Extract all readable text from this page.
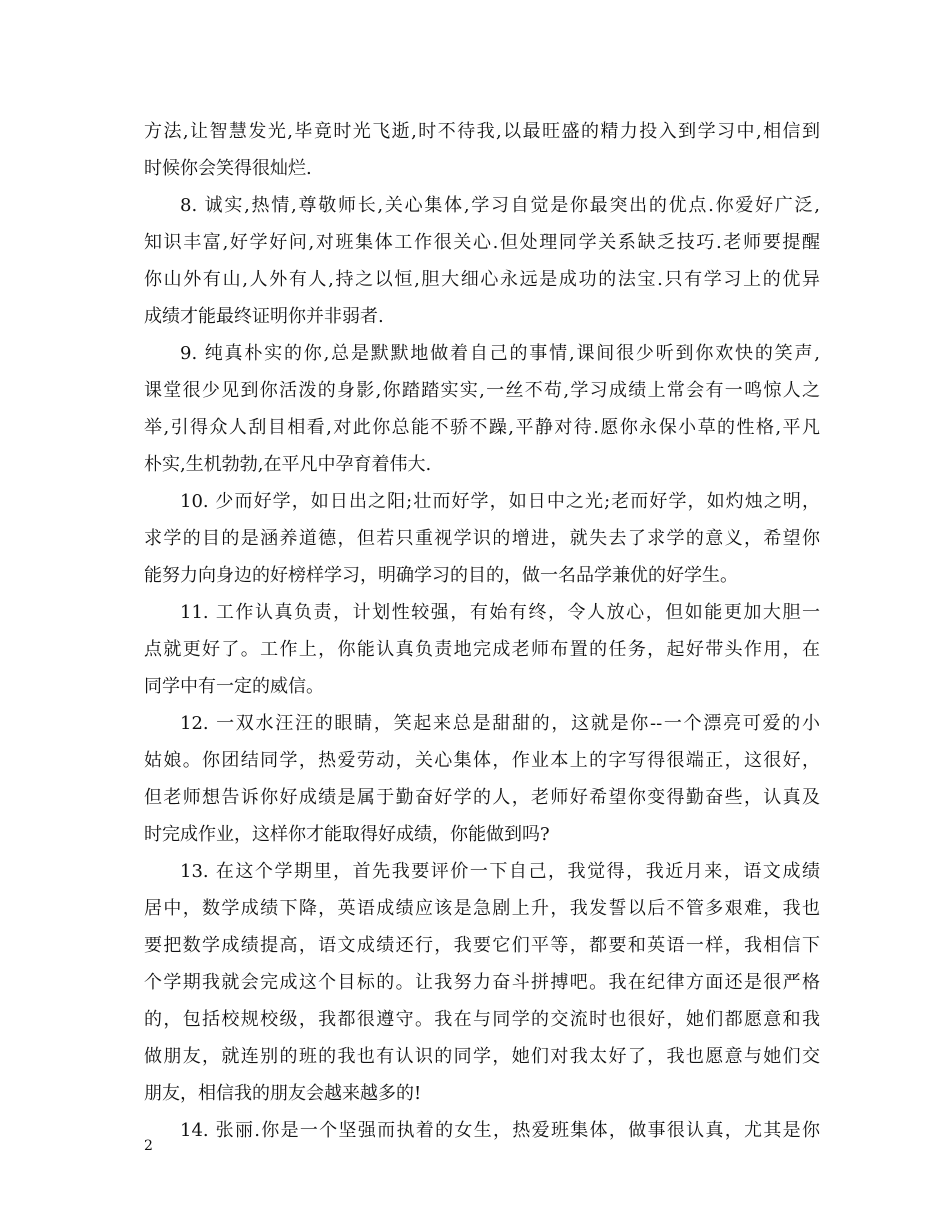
方法,让智慧发光,毕竟时光飞逝,时不待我,以最旺盛的精力投入到学习中,相信到
时候你会笑得很灿烂.
8. 诚实,热情,尊敬师长,关心集体,学习自觉是你最突出的优点.你爱好广泛,
知识丰富,好学好问,对班集体工作很关心.但处理同学关系缺乏技巧.老师要提醒
你山外有山,人外有人,持之以恒,胆大细心永远是成功的法宝.只有学习上的优异
成绩才能最终证明你并非弱者.
9. 纯真朴实的你,总是默默地做着自己的事情,课间很少听到你欢快的笑声,
课堂很少见到你活泼的身影,你踏踏实实,一丝不苟,学习成绩上常会有一鸣惊人之
举,引得众人刮目相看,对此你总能不骄不躁,平静对待.愿你永保小草的性格,平凡
朴实,生机勃勃,在平凡中孕育着伟大.
10. 少而好学，如日出之阳;壮而好学，如日中之光;老而好学，如灼烛之明，
求学的目的是涵养道德，但若只重视学识的增进，就失去了求学的意义，希望你
能努力向身边的好榜样学习，明确学习的目的，做一名品学兼优的好学生。
11. 工作认真负责，计划性较强，有始有终，令人放心，但如能更加大胆一
点就更好了。工作上，你能认真负责地完成老师布置的任务，起好带头作用，在
同学中有一定的威信。
12. 一双水汪汪的眼睛，笑起来总是甜甜的，这就是你--一个漂亮可爱的小
姑娘。你团结同学，热爱劳动，关心集体，作业本上的字写得很端正，这很好，
但老师想告诉你好成绩是属于勤奋好学的人，老师好希望你变得勤奋些，认真及
时完成作业，这样你才能取得好成绩，你能做到吗?
13. 在这个学期里，首先我要评价一下自己，我觉得，我近月来，语文成绩
居中，数学成绩下降，英语成绩应该是急剧上升，我发誓以后不管多艰难，我也
要把数学成绩提高，语文成绩还行，我要它们平等，都要和英语一样，我相信下
个学期我就会完成这个目标的。让我努力奋斗拼搏吧。我在纪律方面还是很严格
的，包括校规校级，我都很遵守。我在与同学的交流时也很好，她们都愿意和我
做朋友，就连别的班的我也有认识的同学，她们对我太好了，我也愿意与她们交
朋友，相信我的朋友会越来越多的!
14. 张丽.你是一个坚强而执着的女生，热爱班集体，做事很认真，尤其是你
2
